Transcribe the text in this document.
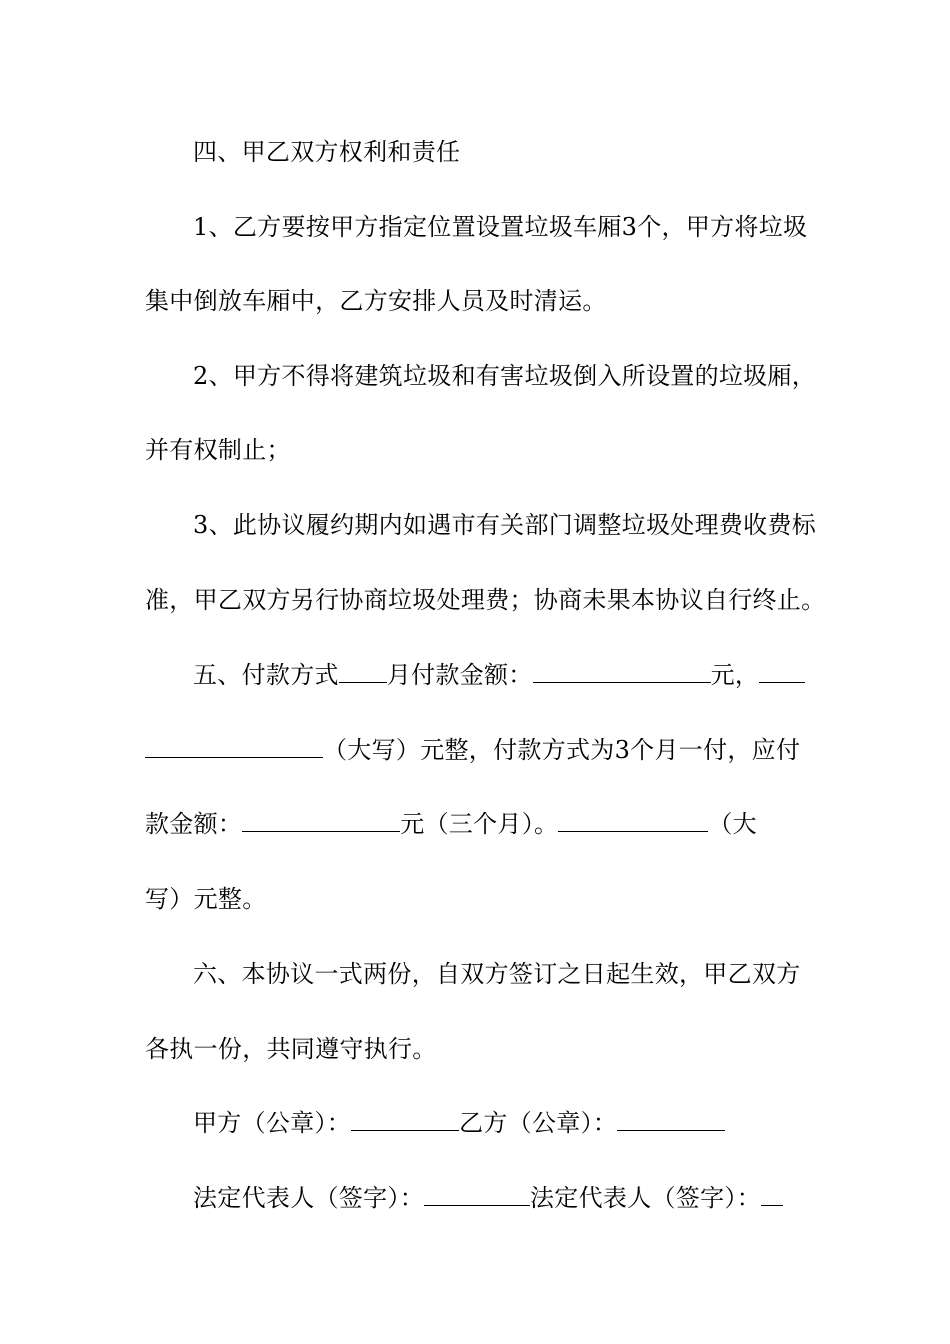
四、甲乙双方权利和责任
1、乙方要按甲方指定位置设置垃圾车厢3个，甲方将垃圾
集中倒放车厢中，乙方安排人员及时清运。
2、甲方不得将建筑垃圾和有害垃圾倒入所设置的垃圾厢，
并有权制止；
3、此协议履约期内如遇市有关部门调整垃圾处理费收费标
准，甲乙双方另行协商垃圾处理费；协商未果本协议自行终止。
五、付款方式 月付款金额：	元，
（大写）元整，付款方式为3个月一付，应付
款金额：	元（三个月）。	（大
写）元整。
六、本协议一式两份，自双方签订之日起生效，甲乙双方
各执一份，共同遵守执行。
甲方（公章）：	乙方（公章）：
法定代表人（签字）：	法定代表人（签字）：
